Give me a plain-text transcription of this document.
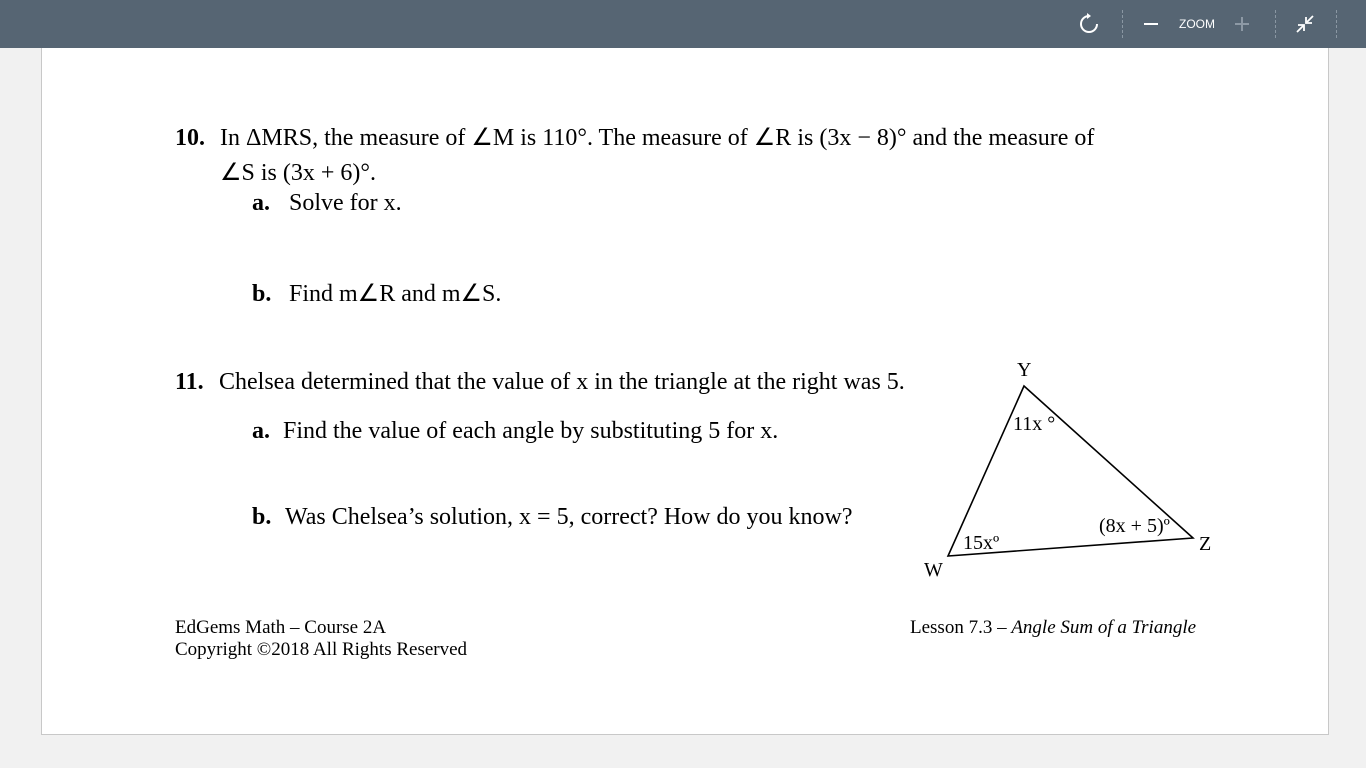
ZOOM
10. In ΔMRS, the measure of ∠M is 110°. The measure of ∠R is (3x − 8)° and the measure of
∠S is (3x + 6)°.
a. Solve for x.
b. Find m∠R and m∠S.
11. Chelsea determined that the value of x in the triangle at the right was 5.
a. Find the value of each angle by substituting 5 for x.
b. Was Chelsea’s solution, x = 5, correct? How do you know?
Y
Z
W
11x °
(8x + 5)º
15xº
EdGems Math – Course 2A
Copyright ©2018 All Rights Reserved
Lesson 7.3 – Angle Sum of a Triangle
